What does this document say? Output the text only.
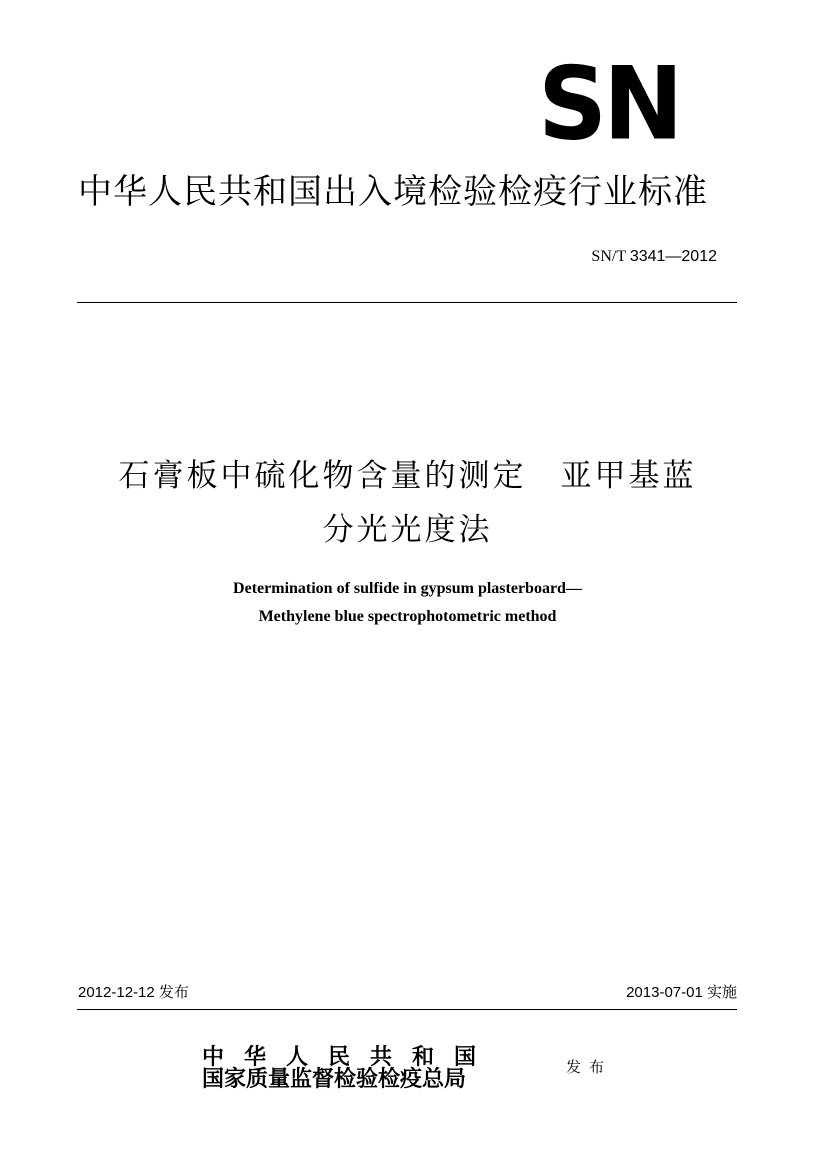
SN
中华人民共和国出入境检验检疫行业标准
SN/T 3341—2012
石膏板中硫化物含量的测定　亚甲基蓝
分光光度法
Determination of sulfide in gypsum plasterboard—
Methylene blue spectrophotometric method
2012-12-12 发布	2013-07-01 实施
中华人民共和国
国家质量监督检验检疫总局	发布
